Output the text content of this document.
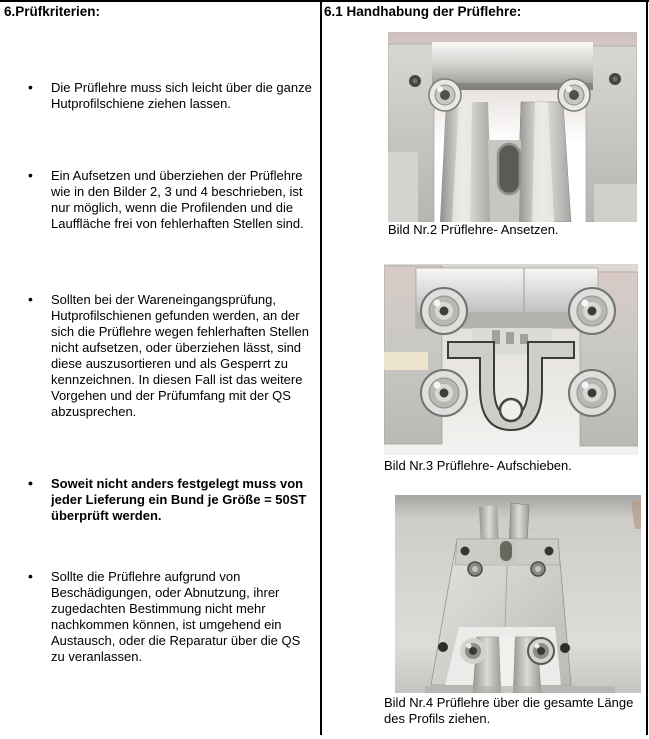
6.Prüfkriterien:
• Die Prüflehre muss sich leicht über die ganze Hutprofilschiene ziehen lassen.
• Ein Aufsetzen und überziehen der Prüflehre wie in den Bilder 2, 3 und 4 beschrieben, ist nur möglich, wenn die Profilenden und die Lauffläche frei von fehlerhaften Stellen sind.
• Sollten bei der Wareneingangsprüfung, Hutprofilschienen gefunden werden, an der sich die Prüflehre wegen fehlerhaften Stellen nicht aufsetzen, oder überziehen lässt, sind diese auszusortieren und als Gesperrt zu kennzeichnen. In diesen Fall ist das weitere Vorgehen und der Prüfumfang mit der QS abzusprechen.
• Soweit nicht anders festgelegt muss von jeder Lieferung ein Bund je Größe = 50ST überprüft werden.
• Sollte die Prüflehre aufgrund von Beschädigungen, oder Abnutzung, ihrer zugedachten Bestimmung nicht mehr nachkommen können, ist umgehend ein Austausch, oder die Reparatur über die QS zu veranlassen.
6.1 Handhabung der Prüflehre:

Bild Nr.2 Prüflehre- Ansetzen.

Bild Nr.3 Prüflehre- Aufschieben.

Bild Nr.4 Prüflehre über die gesamte Länge des Profils ziehen.
